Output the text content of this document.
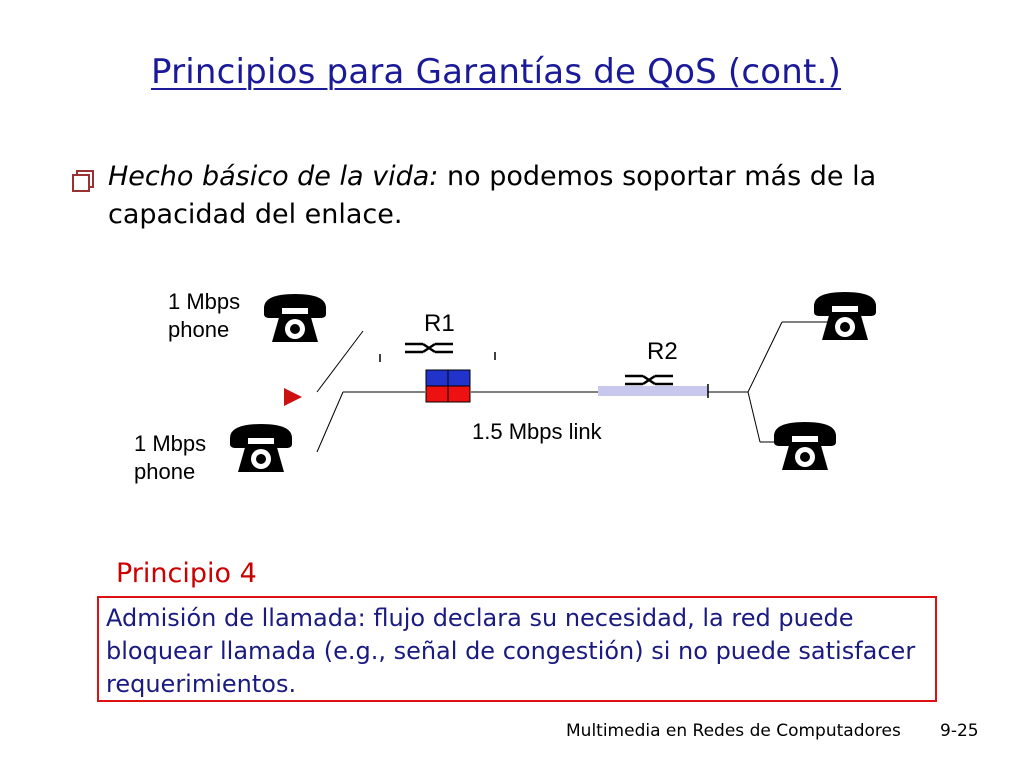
Principios para Garantías de QoS (cont.)
Hecho básico de la vida: no podemos soportar más de la capacidad del enlace.
1 Mbps
phone
1 Mbps
phone
R1
R2
1.5 Mbps link
Principio 4
Admisión de llamada: flujo declara su necesidad, la red puede bloquear llamada (e.g., señal de congestión) si no puede satisfacer requerimientos.
Multimedia en Redes de Computadores 9-25
